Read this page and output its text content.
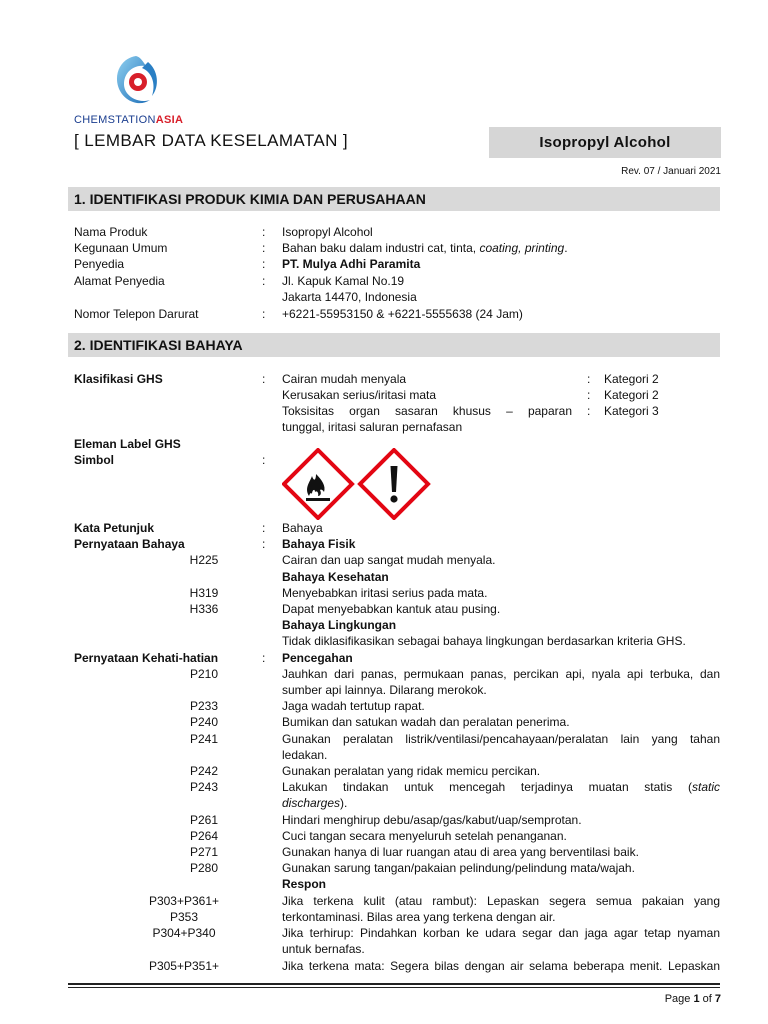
CHEMSTATIONASIA
[ LEMBAR DATA KESELAMATAN ]	Isopropyl Alcohol
Rev. 07 / Januari 2021
1. IDENTIFIKASI PRODUK KIMIA DAN PERUSAHAAN
Nama Produk	: Isopropyl Alcohol
Kegunaan Umum	: Bahan baku dalam industri cat, tinta, coating, printing.
Penyedia	: PT. Mulya Adhi Paramita
Alamat Penyedia	: Jl. Kapuk Kamal No.19
Jakarta 14470, Indonesia
Nomor Telepon Darurat	: +6221-55953150 & +6221-5555638 (24 Jam)
2. IDENTIFIKASI BAHAYA
Klasifikasi GHS	: Cairan mudah menyala	: Kategori 2
Kerusakan serius/iritasi mata	: Kategori 2
Toksisitas organ sasaran khusus – paparan : Kategori 3
tunggal, iritasi saluran pernafasan
Eleman Label GHS
Simbol	:
Kata Petunjuk	: Bahaya
Pernyataan Bahaya	: Bahaya Fisik
H225	Cairan dan uap sangat mudah menyala.
Bahaya Kesehatan
H319	Menyebabkan iritasi serius pada mata.
H336	Dapat menyebabkan kantuk atau pusing.
Bahaya Lingkungan
Tidak diklasifikasikan sebagai bahaya lingkungan berdasarkan kriteria GHS.
Pernyataan Kehati-hatian	: Pencegahan
P210	Jauhkan dari panas, permukaan panas, percikan api, nyala api terbuka, dan
sumber api lainnya. Dilarang merokok.
P233	Jaga wadah tertutup rapat.
P240	Bumikan dan satukan wadah dan peralatan penerima.
P241	Gunakan peralatan listrik/ventilasi/pencahayaan/peralatan lain yang tahan
ledakan.
P242	Gunakan peralatan yang ridak memicu percikan.
P243	Lakukan tindakan untuk mencegah terjadinya muatan statis (static
discharges).
P261	Hindari menghirup debu/asap/gas/kabut/uap/semprotan.
P264	Cuci tangan secara menyeluruh setelah penanganan.
P271	Gunakan hanya di luar ruangan atau di area yang berventilasi baik.
P280	Gunakan sarung tangan/pakaian pelindung/pelindung mata/wajah.
Respon
P303+P361+	Jika terkena kulit (atau rambut): Lepaskan segera semua pakaian yang
P353	terkontaminasi. Bilas area yang terkena dengan air.
P304+P340	Jika terhirup: Pindahkan korban ke udara segar dan jaga agar tetap nyaman
untuk bernafas.
P305+P351+	Jika terkena mata: Segera bilas dengan air selama beberapa menit. Lepaskan
Page 1 of 7
